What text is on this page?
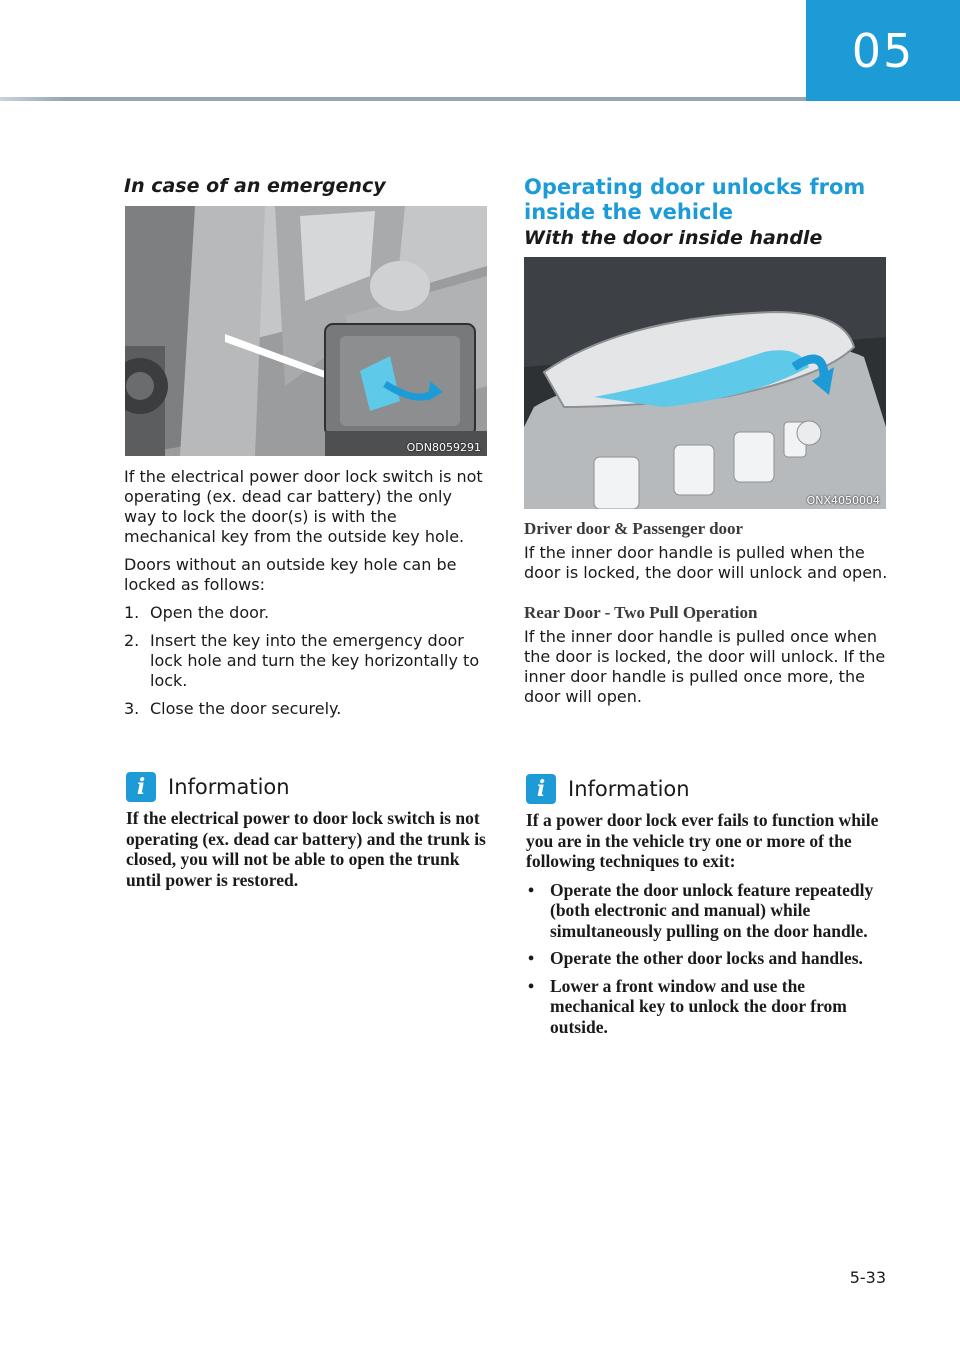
05
In case of an emergency
ODN8059291

If the electrical power door lock switch is not operating (ex. dead car battery) the only way to lock the door(s) is with the mechanical key from the outside key hole.

Doors without an outside key hole can be locked as follows:

1. Open the door.
2. Insert the key into the emergency door lock hole and turn the key horizontally to lock.
3. Close the door securely.
i	Information

If the electrical power to door lock switch is not operating (ex. dead car battery) and the trunk is closed, you will not be able to open the trunk until power is restored.

Operating door unlocks from inside the vehicle
With the door inside handle
ONX4050004

Driver door & Passenger door

If the inner door handle is pulled when the door is locked, the door will unlock and open.

Rear Door - Two Pull Operation

If the inner door handle is pulled once when the door is locked, the door will unlock. If the inner door handle is pulled once more, the door will open.

i	Information

If a power door lock ever fails to function while you are in the vehicle try one or more of the following techniques to exit:

• Operate the door unlock feature repeatedly (both electronic and manual) while simultaneously pulling on the door handle.
• Operate the other door locks and handles.
• Lower a front window and use the mechanical key to unlock the door from outside.
5-33
